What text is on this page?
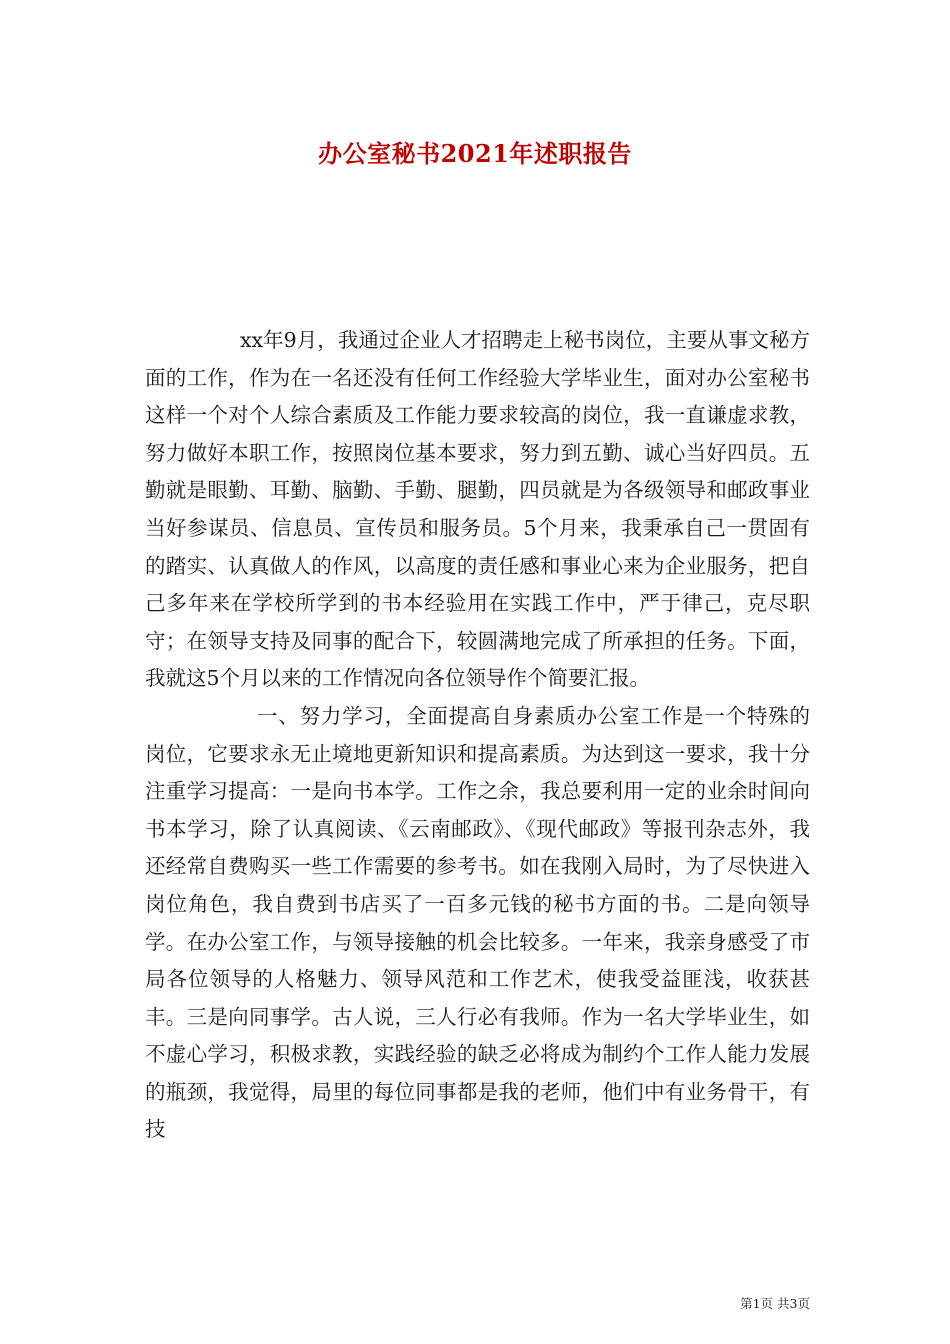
办公室秘书2021年述职报告

xx年9月，我通过企业人才招聘走上秘书岗位，主要从事文秘方面的工作，作为在一名还没有任何工作经验大学毕业生，面对办公室秘书这样一个对个人综合素质及工作能力要求较高的岗位，我一直谦虚求教，努力做好本职工作，按照岗位基本要求，努力到五勤、诚心当好四员。五勤就是眼勤、耳勤、脑勤、手勤、腿勤，四员就是为各级领导和邮政事业当好参谋员、信息员、宣传员和服务员。5个月来，我秉承自己一贯固有的踏实、认真做人的作风，以高度的责任感和事业心来为企业服务，把自己多年来在学校所学到的书本经验用在实践工作中，严于律己，克尽职守；在领导支持及同事的配合下，较圆满地完成了所承担的任务。下面，我就这5个月以来的工作情况向各位领导作个简要汇报。

一、努力学习，全面提高自身素质办公室工作是一个特殊的岗位，它要求永无止境地更新知识和提高素质。为达到这一要求，我十分注重学习提高：一是向书本学。工作之余，我总要利用一定的业余时间向书本学习，除了认真阅读、《云南邮政》、《现代邮政》等报刊杂志外，我还经常自费购买一些工作需要的参考书。如在我刚入局时，为了尽快进入岗位角色，我自费到书店买了一百多元钱的秘书方面的书。二是向领导学。在办公室工作，与领导接触的机会比较多。一年来，我亲身感受了市局各位领导的人格魅力、领导风范和工作艺术，使我受益匪浅，收获甚丰。三是向同事学。古人说，三人行必有我师。作为一名大学毕业生，如不虚心学习，积极求教，实践经验的缺乏必将成为制约个工作人能力发展的瓶颈，我觉得，局里的每位同事都是我的老师，他们中有业务骨干，有技

第1页 共3页
